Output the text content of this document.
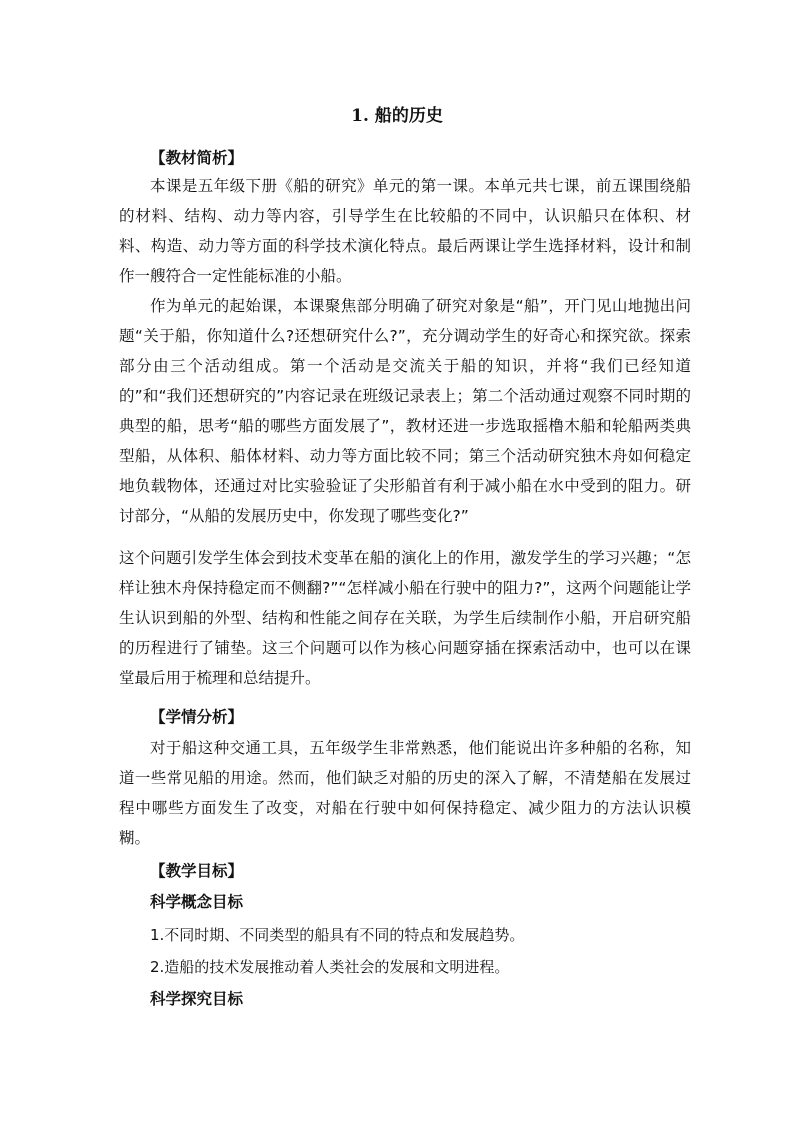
1. 船的历史
【教材简析】

本课是五年级下册《船的研究》单元的第一课。本单元共七课，前五课围绕船的材料、结构、动力等内容，引导学生在比较船的不同中，认识船只在体积、材料、构造、动力等方面的科学技术演化特点。最后两课让学生选择材料，设计和制作一艘符合一定性能标准的小船。

作为单元的起始课，本课聚焦部分明确了研究对象是“船”，开门见山地抛出问题“关于船，你知道什么?还想研究什么?”，充分调动学生的好奇心和探究欲。探索部分由三个活动组成。第一个活动是交流关于船的知识，并将“我们已经知道的”和“我们还想研究的”内容记录在班级记录表上；第二个活动通过观察不同时期的典型的船，思考“船的哪些方面发展了”，教材还进一步选取摇橹木船和轮船两类典型船，从体积、船体材料、动力等方面比较不同；第三个活动研究独木舟如何稳定地负载物体，还通过对比实验验证了尖形船首有利于减小船在水中受到的阻力。研讨部分，“从船的发展历史中，你发现了哪些变化?”

这个问题引发学生体会到技术变革在船的演化上的作用，激发学生的学习兴趣；“怎样让独木舟保持稳定而不侧翻?”“怎样减小船在行驶中的阻力?”，这两个问题能让学生认识到船的外型、结构和性能之间存在关联，为学生后续制作小船，开启研究船的历程进行了铺垫。这三个问题可以作为核心问题穿插在探索活动中，也可以在课堂最后用于梳理和总结提升。

【学情分析】

对于船这种交通工具，五年级学生非常熟悉，他们能说出许多种船的名称，知道一些常见船的用途。然而，他们缺乏对船的历史的深入了解，不清楚船在发展过程中哪些方面发生了改变，对船在行驶中如何保持稳定、减少阻力的方法认识模糊。

【教学目标】
科学概念目标
1.不同时期、不同类型的船具有不同的特点和发展趋势。
2.造船的技术发展推动着人类社会的发展和文明进程。
科学探究目标
